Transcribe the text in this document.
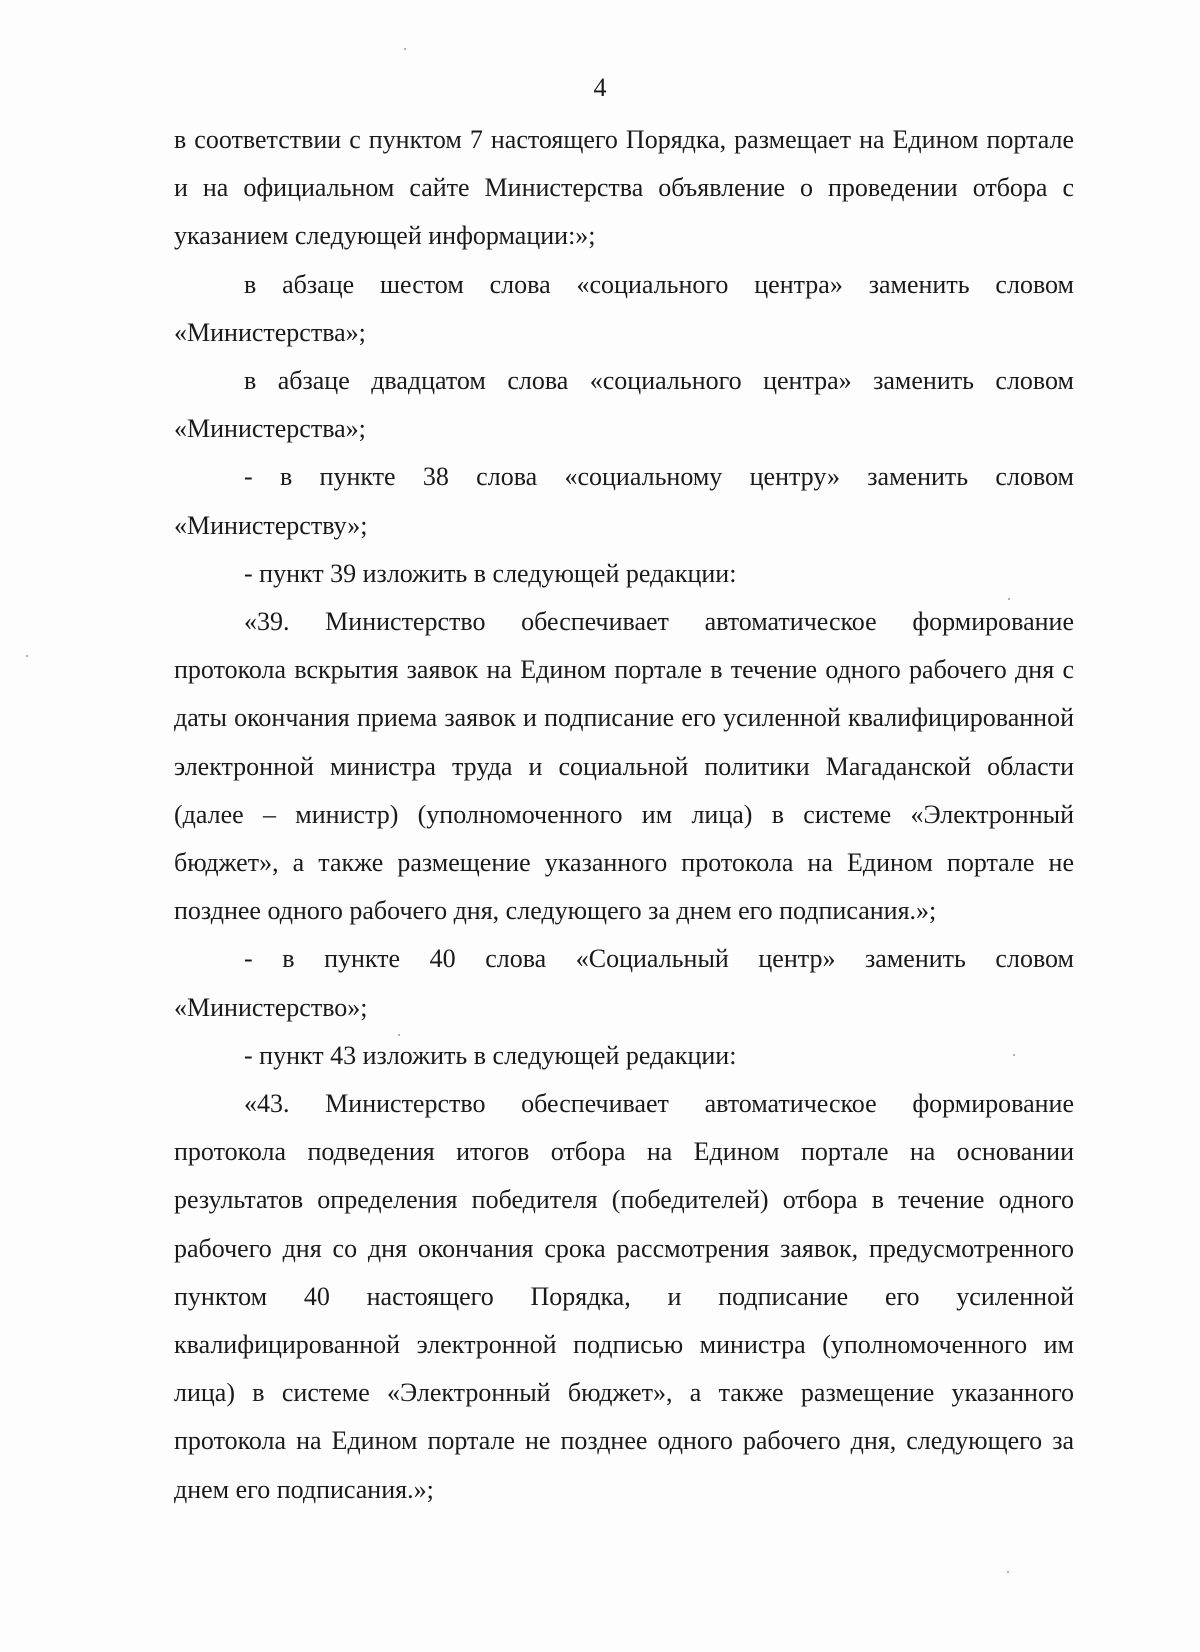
4

в соответствии с пунктом 7 настоящего Порядка, размещает на Едином портале и на официальном сайте Министерства объявление о проведении отбора с указанием следующей информации:»;

в абзаце шестом слова «социального центра» заменить словом «Министерства»;

в абзаце двадцатом слова «социального центра» заменить словом «Министерства»;

- в пункте 38 слова «социальному центру» заменить словом «Министерству»;

- пункт 39 изложить в следующей редакции:

«39. Министерство обеспечивает автоматическое формирование протокола вскрытия заявок на Едином портале в течение одного рабочего дня с даты окончания приема заявок и подписание его усиленной квалифицированной электронной министра труда и социальной политики Магаданской области (далее – министр) (уполномоченного им лица) в системе «Электронный бюджет», а также размещение указанного протокола на Едином портале не позднее одного рабочего дня, следующего за днем его подписания.»;

- в пункте 40 слова «Социальный центр» заменить словом «Министерство»;

- пункт 43 изложить в следующей редакции:

«43. Министерство обеспечивает автоматическое формирование протокола подведения итогов отбора на Едином портале на основании результатов определения победителя (победителей) отбора в течение одного рабочего дня со дня окончания срока рассмотрения заявок, предусмотренного пунктом 40 настоящего Порядка, и подписание его усиленной квалифицированной электронной подписью министра (уполномоченного им лица) в системе «Электронный бюджет», а также размещение указанного протокола на Едином портале не позднее одного рабочего дня, следующего за днем его подписания.»;
